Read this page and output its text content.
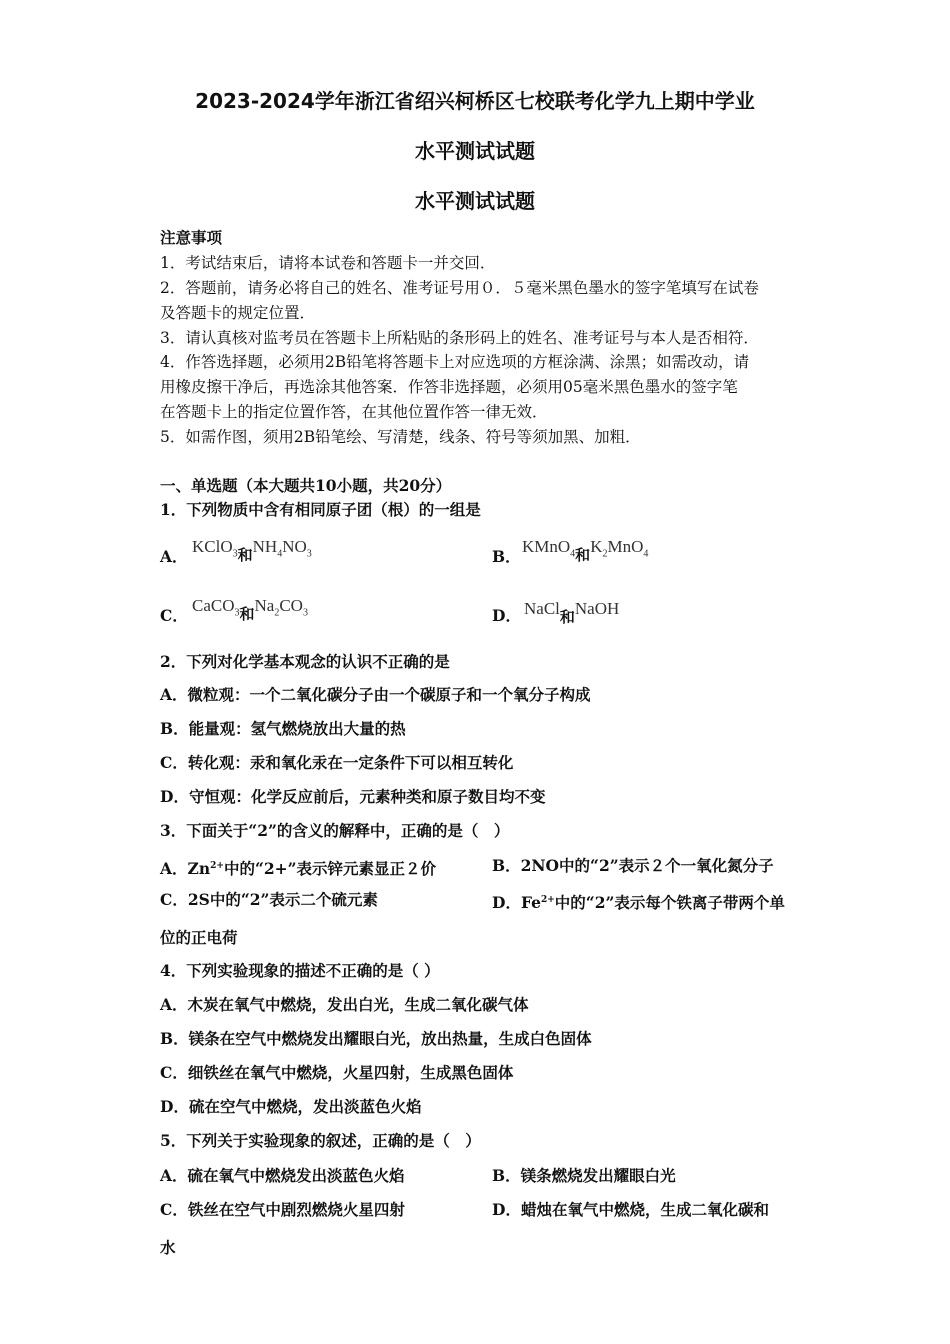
2023-2024学年浙江省绍兴柯桥区七校联考化学九上期中学业
水平测试试题
水平测试试题
注意事项
1．考试结束后，请将本试卷和答题卡一并交回．
2．答题前，请务必将自己的姓名、准考证号用０．５毫米黑色墨水的签字笔填写在试卷
及答题卡的规定位置．
3．请认真核对监考员在答题卡上所粘贴的条形码上的姓名、准考证号与本人是否相符．
4．作答选择题，必须用2B铅笔将答题卡上对应选项的方框涂满、涂黑；如需改动，请
用橡皮擦干净后，再选涂其他答案．作答非选择题，必须用05毫米黑色墨水的签字笔
在答题卡上的指定位置作答，在其他位置作答一律无效．
5．如需作图，须用2B铅笔绘、写清楚，线条、符号等须加黑、加粗．
一、单选题（本大题共10小题，共20分）
1．下列物质中含有相同原子团（根）的一组是
A．
KClO$_3$和$NH_4NO_3$	B．
KMnO$_4$和$K_2MnO_4$
C．
CaCO$_3$和$Na_2CO_3$	D． NaCl和NaOH
2．下列对化学基本观念的认识不正确的是
A．微粒观：一个二氧化碳分子由一个碳原子和一个氧分子构成
B．能量观：氢气燃烧放出大量的热
C．转化观：汞和氧化汞在一定条件下可以相互转化
D．守恒观：化学反应前后，元素种类和原子数目均不变
3．下面关于“2”的含义的解释中，正确的是（　）
A．$Zn^{2+}$中的“2+”表示锌元素显正２价	B．2NO中的“2”表示２个一氧化氮分子
C．2S中的“2”表示二个硫元素	D．$Fe^{2+}$中的“2”表示每个铁离子带两个单
位的正电荷
4．下列实验现象的描述不正确的是（ ）
A．木炭在氧气中燃烧，发出白光，生成二氧化碳气体
B．镁条在空气中燃烧发出耀眼白光，放出热量，生成白色固体
C．细铁丝在氧气中燃烧，火星四射，生成黑色固体
D．硫在空气中燃烧，发出淡蓝色火焰
5．下列关于实验现象的叙述，正确的是（　）
A．硫在氧气中燃烧发出淡蓝色火焰	B．镁条燃烧发出耀眼白光
C．铁丝在空气中剧烈燃烧火星四射	D．蜡烛在氧气中燃烧，生成二氧化碳和
水
